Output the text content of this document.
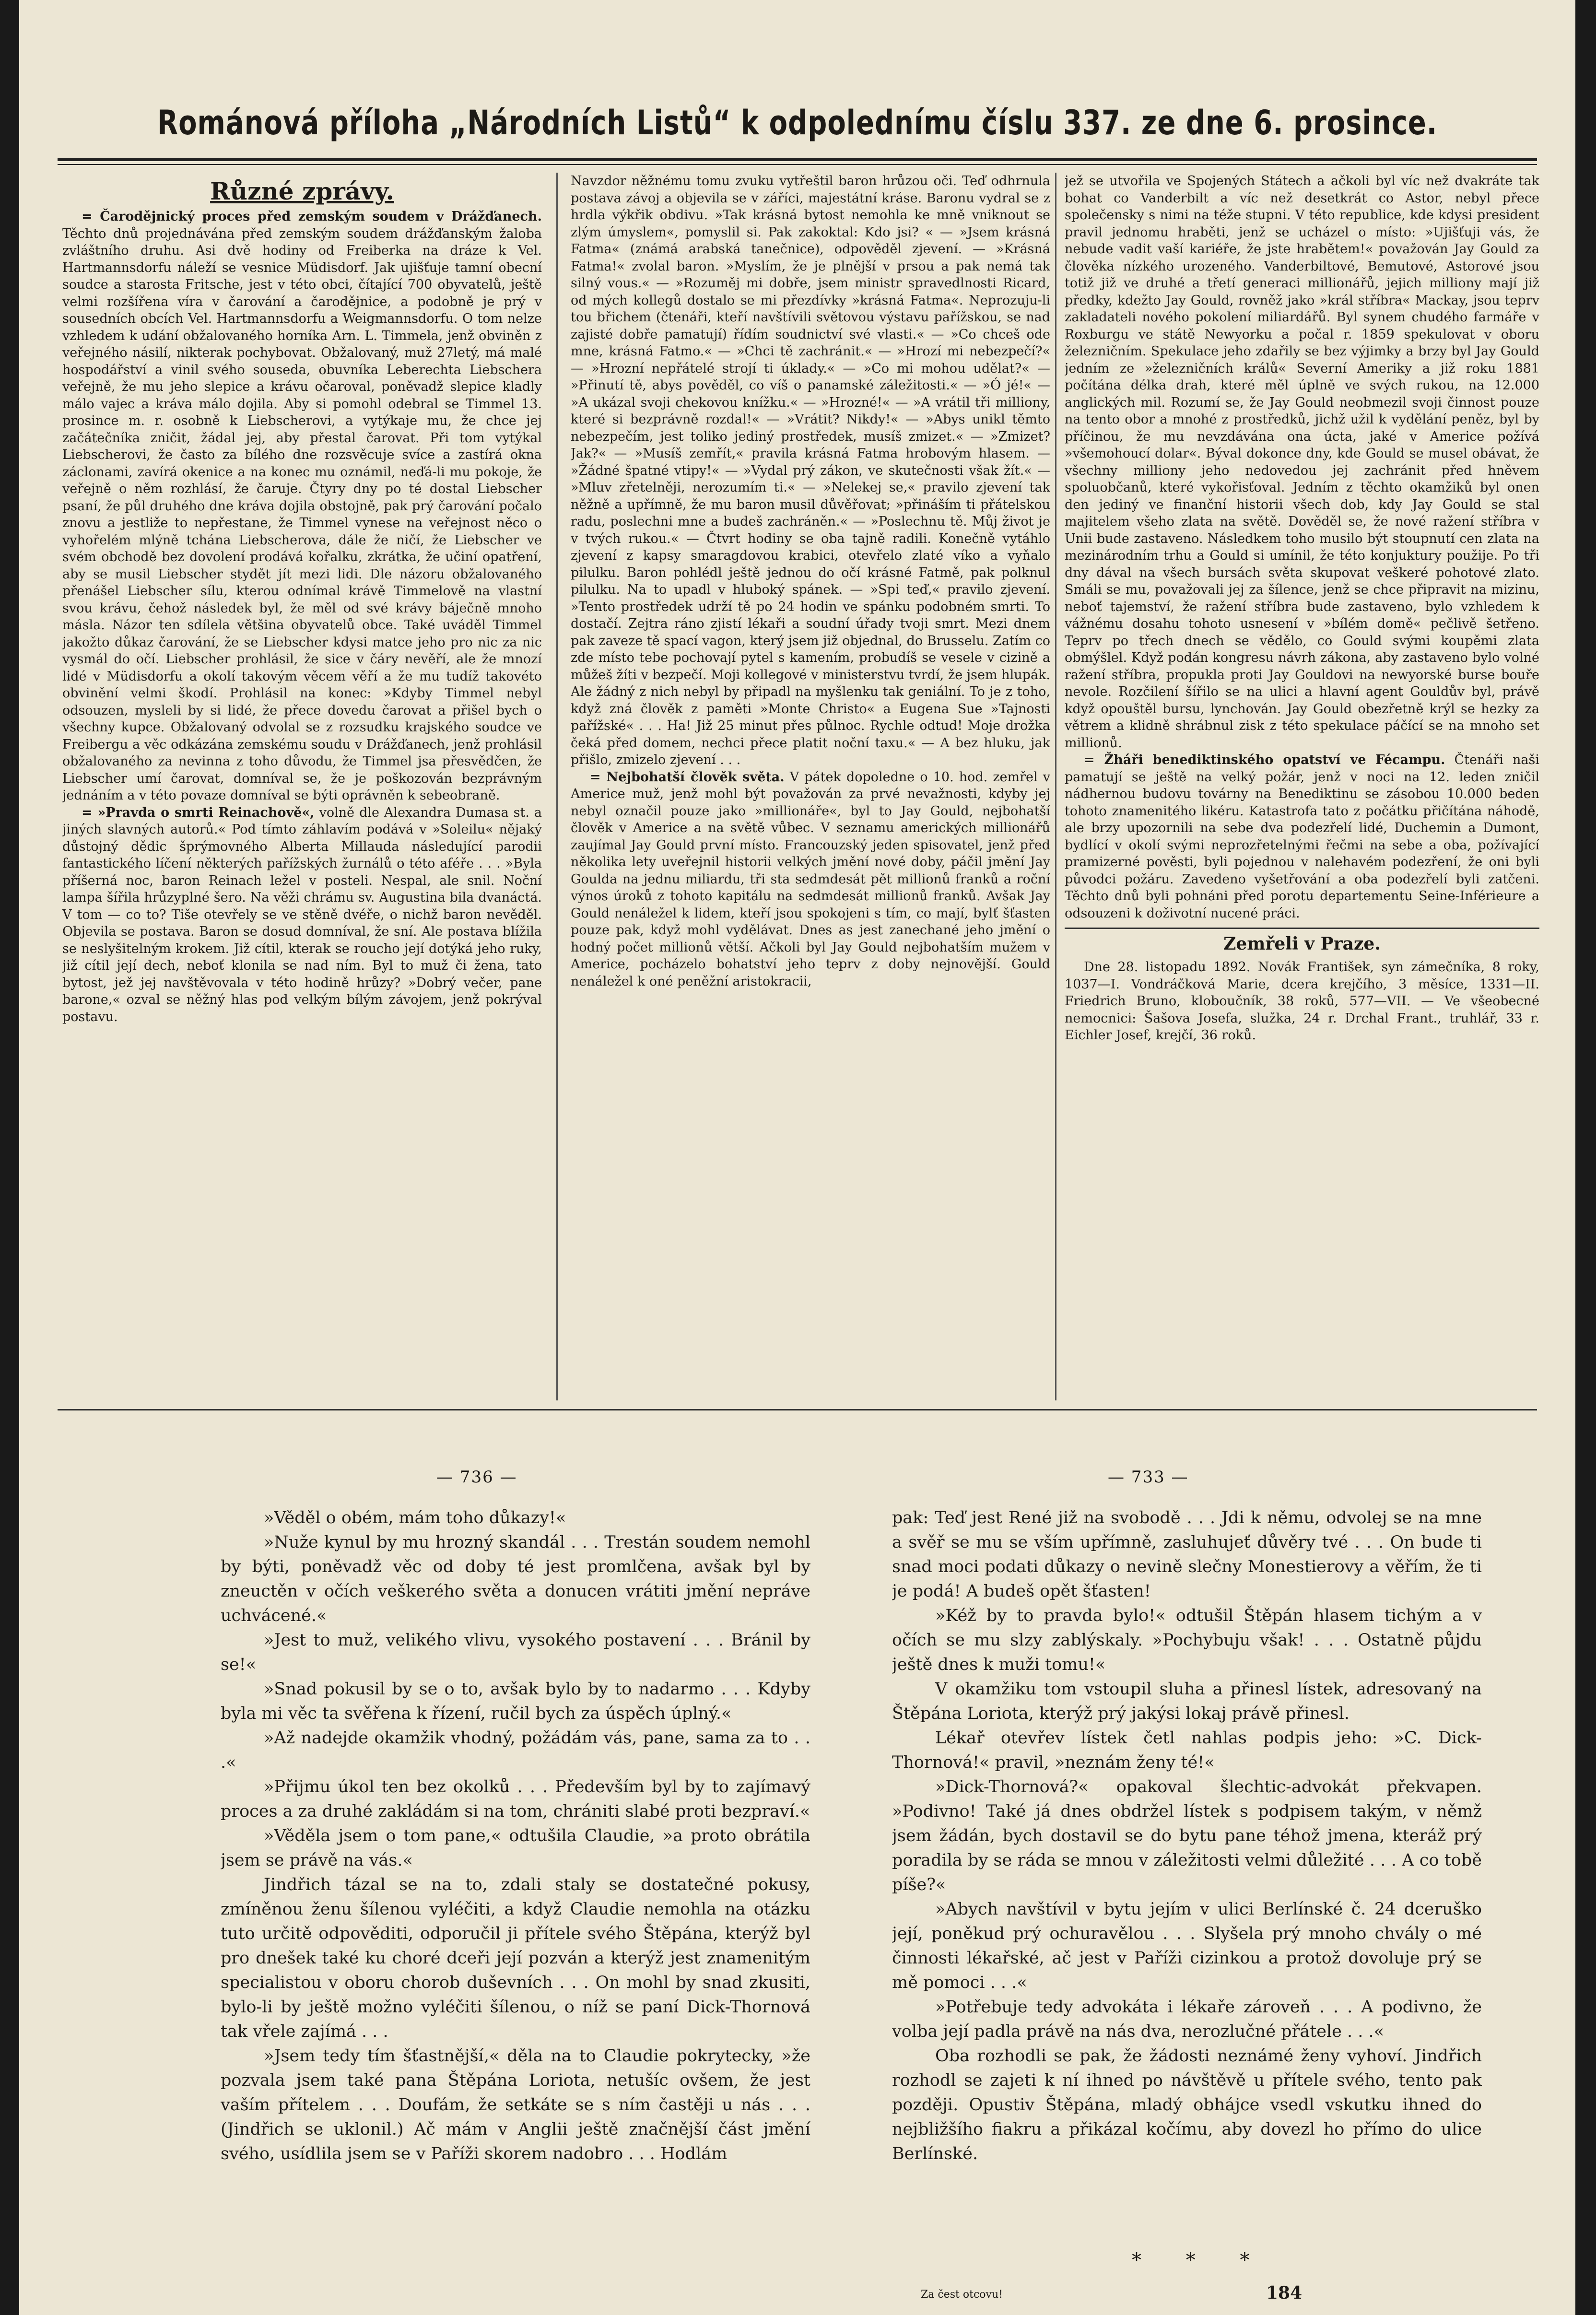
Románová příloha „Národních Listů“ k odpolednímu číslu 337. ze dne 6. prosince.
Různé zprávy.

= Čarodějnický proces před zemským soudem v Drážďanech. Těchto dnů projednávána před zemským soudem drážďanským žaloba zvláštního druhu. Asi dvě hodiny od Freiberka na dráze k Vel. Hartmannsdorfu náleží se vesnice Müdisdorf. Jak ujišťuje tamní obecní soudce a starosta Fritsche, jest v této obci, čítající 700 obyvatelů, ještě velmi rozšířena víra v čarování a čarodějnice, a podobně je prý v sousedních obcích Vel. Hartmannsdorfu a Weigmannsdorfu. O tom nelze vzhledem k udání obžalovaného horníka Arn. L. Timmela, jenž obviněn z veřejného násilí, nikterak pochybovat. Obžalovaný, muž 27letý, má malé hospodářství a vinil svého souseda, obuvníka Leberechta Liebschera veřejně, že mu jeho slepice a krávu očaroval, poněvadž slepice kladly málo vajec a kráva málo dojila. Aby si pomohl odebral se Timmel 13. prosince m. r. osobně k Liebscherovi, a vytýkaje mu, že chce jej začátečníka zničit, žádal jej, aby přestal čarovat. Při tom vytýkal Liebscherovi, že často za bílého dne rozsvěcuje svíce a zastírá okna záclonami, zavírá okenice a na konec mu oznámil, neďá-li mu pokoje, že veřejně o něm rozhlásí, že čaruje. Čtyry dny po té dostal Liebscher psaní, že půl druhého dne kráva dojila obstojně, pak prý čarování počalo znovu a jestliže to nepřestane, že Timmel vynese na veřejnost něco o vyhořelém mlýně tchána Liebscherova, dále že ničí, že Liebscher ve svém obchodě bez dovolení prodává kořalku, zkrátka, že učiní opatření, aby se musil Liebscher stydět jít mezi lidi. Dle názoru obžalovaného přenášel Liebscher sílu, kterou odnímal krávě Timmelově na vlastní svou krávu, čehož následek byl, že měl od své krávy báječně mnoho másla. Názor ten sdílela většina obyvatelů obce. Také uváděl Timmel jakožto důkaz čarování, že se Liebscher kdysi matce jeho pro nic za nic vysmál do očí. Liebscher prohlásil, že sice v čáry nevěří, ale že mnozí lidé v Müdisdorfu a okolí takovým věcem věří a že mu tudíž takovéto obvinění velmi škodí. Prohlásil na konec: »Kdyby Timmel nebyl odsouzen, mysleli by si lidé, že přece dovedu čarovat a přišel bych o všechny kupce. Obžalovaný odvolal se z rozsudku krajského soudce ve Freibergu a věc odkázána zemskému soudu v Drážďanech, jenž prohlásil obžalovaného za nevinna z toho důvodu, že Timmel jsa přesvědčen, že Liebscher umí čarovat, domníval se, že je poškozován bezprávným jednáním a v této povaze domníval se býti oprávněn k sebeobraně.

= »Pravda o smrti Reinachově«, volně dle Alexandra Dumasa st. a jiných slavných autorů.« Pod tímto záhlavím podává v »Soleilu« nějaký důstojný dědic šprýmovného Alberta Millauda následující parodii fantastického líčení některých pařížských žurnálů o této aféře . . . »Byla příšerná noc, baron Reinach ležel v posteli. Nespal, ale snil. Noční lampa šířila hrůzyplné šero. Na věži chrámu sv. Augustina bila dvanáctá. V tom — co to? Tiše otevřely se ve stěně dvéře, o nichž baron nevěděl. Objevila se postava. Baron se dosud domníval, že sní. Ale postava blížila se neslyšitelným krokem. Již cítil, kterak se roucho její dotýká jeho ruky, již cítil její dech, neboť klonila se nad ním. Byl to muž či žena, tato bytost, jež jej navštěvovala v této hodině hrůzy? »Dobrý večer, pane barone,« ozval se něžný hlas pod velkým bílým závojem, jenž pokrýval postavu.

Navzdor něžnému tomu zvuku vytřeštil baron hrůzou oči. Teď odhrnula postava závoj a objevila se v záříci, majestátní kráse. Baronu vydral se z hrdla výkřik obdivu. »Tak krásná bytost nemohla ke mně vniknout se zlým úmyslem«, pomyslil si. Pak zakoktal: Kdo jsi? « — »Jsem krásná Fatma« (známá arabská tanečnice), odpověděl zjevení. — »Krásná Fatma!« zvolal baron. »Myslím, že je plnější v prsou a pak nemá tak silný vous.« — »Rozuměj mi dobře, jsem ministr spravedlnosti Ricard, od mých kollegů dostalo se mi přezdívky »krásná Fatma«. Neprozuju-li tou břichem (čtenáři, kteří navštívili světovou výstavu pařížskou, se nad zajisté dobře pamatují) řídím soudnictví své vlasti.« — »Co chceš ode mne, krásná Fatmo.« — »Chci tě zachránit.« — »Hrozí mi nebezpečí?« — »Hrozní nepřátelé strojí ti úklady.« — »Co mi mohou udělat?« — »Přinutí tě, abys pověděl, co víš o panamské záležitosti.« — »Ó jé!« — »A ukázal svoji chekovou knížku.« — »Hrozné!« — »A vrátil tři milliony, které si bezprávně rozdal!« — »Vrátit? Nikdy!« — »Abys unikl těmto nebezpečím, jest toliko jediný prostředek, musíš zmizet.« — »Zmizet? Jak?« — »Musíš zemřít,« pravila krásná Fatma hrobovým hlasem. — »Žádné špatné vtipy!« — »Vydal prý zákon, ve skutečnosti však žít.« — »Mluv zřetelněji, nerozumím ti.« — »Nelekej se,« pravilo zjevení tak něžně a upřímně, že mu baron musil důvěřovat; »přináším ti přátelskou radu, poslechni mne a budeš zachráněn.« — »Poslechnu tě. Můj život je v tvých rukou.« — Čtvrt hodiny se oba tajně radili. Konečně vytáhlo zjevení z kapsy smaragdovou krabici, otevřelo zlaté víko a vyňalo pilulku. Baron pohlédl ještě jednou do očí krásné Fatmě, pak polknul pilulku. Na to upadl v hluboký spánek. — »Spi teď,« pravilo zjevení. »Tento prostředek udrží tě po 24 hodin ve spánku podobném smrti. To dostačí. Zejtra ráno zjistí lékaři a soudní úřady tvoji smrt. Mezi dnem pak zaveze tě spací vagon, který jsem již objednal, do Brusselu. Zatím co zde místo tebe pochovají pytel s kamením, probudíš se vesele v cizině a můžeš žíti v bezpečí. Moji kollegové v ministerstvu tvrdí, že jsem hlupák. Ale žádný z nich nebyl by připadl na myšlenku tak geniální. To je z toho, když zná člověk z paměti »Monte Christo« a Eugena Sue »Tajnosti pařížské« . . . Ha! Již 25 minut přes půlnoc. Rychle odtud! Moje drožka čeká před domem, nechci přece platit noční taxu.« — A bez hluku, jak přišlo, zmizelo zjevení . . .

= Nejbohatší člověk světa. V pátek dopoledne o 10. hod. zemřel v Americe muž, jenž mohl být považován za prvé nevažnosti, kdyby jej nebyl označil pouze jako »millionáře«, byl to Jay Gould, nejbohatší člověk v Americe a na světě vůbec. V seznamu amerických millionářů zaujímal Jay Gould první místo. Francouzský jeden spisovatel, jenž před několika lety uveřejnil historii velkých jmění nové doby, páčil jmění Jay Goulda na jednu miliardu, tři sta sedmdesát pět millionů franků a roční výnos úroků z tohoto kapitálu na sedmdesát millionů franků. Avšak Jay Gould nenáležel k lidem, kteří jsou spokojeni s tím, co mají, bylť šťasten pouze pak, když mohl vydělávat. Dnes as jest zanechané jeho jmění o hodný počet millionů větší. Ačkoli byl Jay Gould nejbohatším mužem v Americe, pocházelo bohatství jeho teprv z doby nejnovější. Gould nenáležel k oné peněžní aristokracii,

jež se utvořila ve Spojených Státech a ačkoli byl víc než dvakráte tak bohat co Vanderbilt a víc než desetkrát co Astor, nebyl přece společensky s nimi na téže stupni. V této republice, kde kdysi president pravil jednomu hraběti, jenž se ucházel o místo: »Ujišťuji vás, že nebude vadit vaší kariéře, že jste hrabětem!« považován Jay Gould za člověka nízkého urozeného. Vanderbiltové, Bemutové, Astorové jsou totiž již ve druhé a třetí generaci millionářů, jejich milliony mají již předky, kdežto Jay Gould, rovněž jako »král stříbra« Mackay, jsou teprv zakladateli nového pokolení miliardářů. Byl synem chudého farmáře v Roxburgu ve státě Newyorku a počal r. 1859 spekulovat v oboru železničním. Spekulace jeho zdařily se bez výjimky a brzy byl Jay Gould jedním ze »železničních králů« Severní Ameriky a již roku 1881 počítána délka drah, které měl úplně ve svých rukou, na 12.000 anglických mil. Rozumí se, že Jay Gould neobmezil svoji činnost pouze na tento obor a mnohé z prostředků, jichž užil k vydělání peněz, byl by příčinou, že mu nevzdávána ona úcta, jaké v Americe požívá »všemohoucí dolar«. Býval dokonce dny, kde Gould se musel obávat, že všechny milliony jeho nedovedou jej zachránit před hněvem spoluobčanů, které vykořisťoval. Jedním z těchto okamžiků byl onen den jediný ve finanční historii všech dob, kdy Jay Gould se stal majitelem všeho zlata na světě. Dověděl se, že nové ražení stříbra v Unii bude zastaveno. Následkem toho musilo být stoupnutí cen zlata na mezinárodním trhu a Gould si umínil, že této konjuktury použije. Po tři dny dával na všech bursách světa skupovat veškeré pohotové zlato. Smáli se mu, považovali jej za šílence, jenž se chce připravit na mizinu, neboť tajemství, že ražení stříbra bude zastaveno, bylo vzhledem k vážnému dosahu tohoto usnesení v »bílém domě« pečlivě šetřeno. Teprv po třech dnech se vědělo, co Gould svými koupěmi zlata obmýšlel. Když podán kongresu návrh zákona, aby zastaveno bylo volné ražení stříbra, propukla proti Jay Gouldovi na newyorské burse bouře nevole. Rozčilení šířilo se na ulici a hlavní agent Gouldův byl, právě když opouštěl bursu, lynchován. Jay Gould obezřetně krýl se hezky za větrem a klidně shrábnul zisk z této spekulace páčící se na mnoho set millionů.

= Žháři benediktinského opatství ve Fécampu. Čtenáři naši pamatují se ještě na velký požár, jenž v noci na 12. leden zničil nádhernou budovu továrny na Benediktinu se zásobou 10.000 beden tohoto znamenitého likéru. Katastrofa tato z počátku přičítána náhodě, ale brzy upozornili na sebe dva podezřelí lidé, Duchemin a Dumont, bydlící v okolí svými neprozřetelnými řečmi na sebe a oba, požívající pramizerné pověsti, byli pojednou v nalehavém podezření, že oni byli původci požáru. Zavedeno vyšetřování a oba podezřelí byli zatčeni. Těchto dnů byli pohnáni před porotu departementu Seine-Inférieure a odsouzeni k doživotní nucené práci.

Zemřeli v Praze.

Dne 28. listopadu 1892. Novák František, syn zámečníka, 8 roky, 1037—I. Vondráčková Marie, dcera krejčího, 3 měsíce, 1331—II. Friedrich Bruno, kloboučník, 38 roků, 577—VII. — Ve všeobecné nemocnici: Šašova Josefa, služka, 24 r. Drchal Frant., truhlář, 33 r. Eichler Josef, krejčí, 36 roků.

— 736 —	— 733 —

»Věděl o obém, mám toho důkazy!«

»Nuže kynul by mu hrozný skandál . . . Trestán soudem nemohl by býti, poněvadž věc od doby té jest promlčena, avšak byl by zneuctěn v očích veškerého světa a donucen vrátiti jmění nepráve uchvácené.«

»Jest to muž, velikého vlivu, vysokého postavení . . . Bránil by se!«

»Snad pokusil by se o to, avšak bylo by to nadarmo . . . Kdyby byla mi věc ta svěřena k řízení, ručil bych za úspěch úplný.«

»Až nadejde okamžik vhodný, požádám vás, pane, sama za to . . .«

»Přijmu úkol ten bez okolků . . . Především byl by to zajímavý proces a za druhé zakládám si na tom, chrániti slabé proti bezpraví.«

»Věděla jsem o tom pane,« odtušila Claudie, »a proto obrátila jsem se právě na vás.«

Jindřich tázal se na to, zdali staly se dostatečné pokusy, zmíněnou ženu šílenou vyléčiti, a když Claudie nemohla na otázku tuto určitě odpověditi, odporučil ji přítele svého Štěpána, kterýž byl pro dnešek také ku choré dceři její pozván a kterýž jest znamenitým specialistou v oboru chorob duševních . . . On mohl by snad zkusiti, bylo-li by ještě možno vyléčiti šílenou, o níž se paní Dick-Thornová tak vřele zajímá . . .

»Jsem tedy tím šťastnější,« děla na to Claudie pokrytecky, »že pozvala jsem také pana Štěpána Loriota, netušíc ovšem, že jest vaším přítelem . . . Doufám, že setkáte se s ním častěji u nás . . . (Jindřich se uklonil.) Ač mám v Anglii ještě značnější část jmění svého, usídlila jsem se v Paříži skorem nadobro . . . Hodlám

pak: Teď jest René již na svobodě . . . Jdi k němu, odvolej se na mne a svěř se mu se vším upřímně, zasluhujeť důvěry tvé . . . On bude ti snad moci podati důkazy o nevině slečny Monestierovy a věřím, že ti je podá! A budeš opět šťasten!

»Kéž by to pravda bylo!« odtušil Štěpán hlasem tichým a v očích se mu slzy zablýskaly. »Pochybuju však! . . . Ostatně půjdu ještě dnes k muži tomu!«

V okamžiku tom vstoupil sluha a přinesl lístek, adresovaný na Štěpána Loriota, kterýž prý jakýsi lokaj právě přinesl.

Lékař otevřev lístek četl nahlas podpis jeho: »C. Dick-Thornová!« pravil, »neznám ženy té!«

»Dick-Thornová?« opakoval šlechtic-advokát překvapen. »Podivno! Také já dnes obdržel lístek s podpisem takým, v němž jsem žádán, bych dostavil se do bytu pane téhož jmena, kteráž prý poradila by se ráda se mnou v záležitosti velmi důležité . . . A co tobě píše?«

»Abych navštívil v bytu jejím v ulici Berlínské č. 24 dceruško její, poněkud prý ochuravělou . . . Slyšela prý mnoho chvály o mé činnosti lékařské, ač jest v Paříži cizinkou a protož dovoluje prý se mě pomoci . . .«

»Potřebuje tedy advokáta i lékaře zároveň . . . A podivno, že volba její padla právě na nás dva, nerozlučné přátele . . .«

Oba rozhodli se pak, že žádosti neznámé ženy vyhoví. Jindřich rozhodl se zajeti k ní ihned po návštěvě u přítele svého, tento pak později. Opustiv Štěpána, mladý obhájce vsedl vskutku ihned do nejbližšího fiakru a přikázal kočímu, aby dovezl ho přímo do ulice Berlínské.

* * *
Za čest otcovu!	184
